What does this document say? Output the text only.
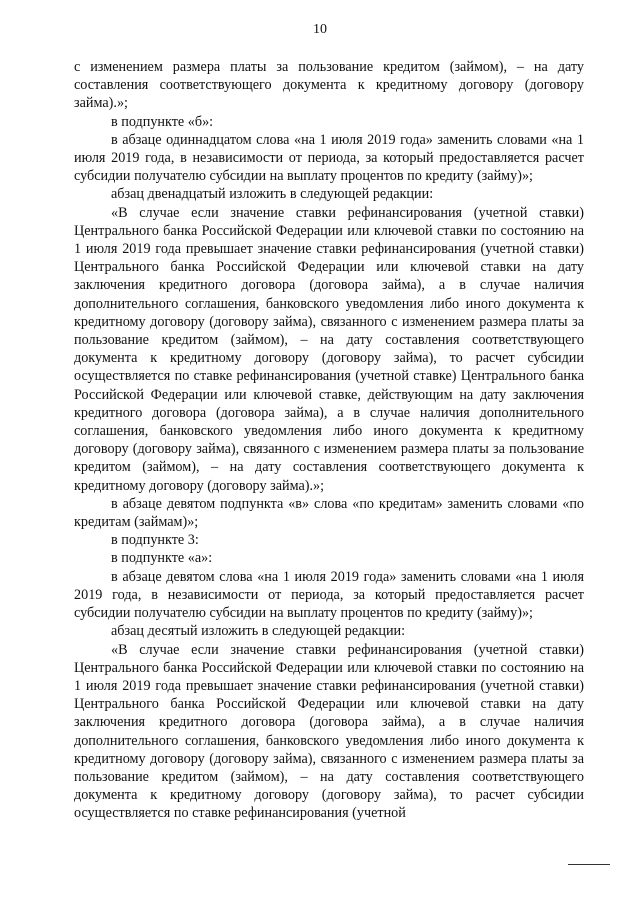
10

с изменением размера платы за пользование кредитом (займом), – на дату составления соответствующего документа к кредитному договору (договору займа).»;

в подпункте «б»:

в абзаце одиннадцатом слова «на 1 июля 2019 года» заменить словами «на 1 июля 2019 года, в независимости от периода, за который предоставляется расчет субсидии получателю субсидии на выплату процентов по кредиту (займу)»;

абзац двенадцатый изложить в следующей редакции:

«В случае если значение ставки рефинансирования (учетной ставки) Центрального банка Российской Федерации или ключевой ставки по состоянию на 1 июля 2019 года превышает значение ставки рефинансирования (учетной ставки) Центрального банка Российской Федерации или ключевой ставки на дату заключения кредитного договора (договора займа), а в случае наличия дополнительного соглашения, банковского уведомления либо иного документа к кредитному договору (договору займа), связанного с изменением размера платы за пользование кредитом (займом), – на дату составления соответствующего документа к кредитному договору (договору займа), то расчет субсидии осуществляется по ставке рефинансирования (учетной ставке) Центрального банка Российской Федерации или ключевой ставке, действующим на дату заключения кредитного договора (договора займа), а в случае наличия дополнительного соглашения, банковского уведомления либо иного документа к кредитному договору (договору займа), связанного с изменением размера платы за пользование кредитом (займом), – на дату составления соответствующего документа к кредитному договору (договору займа).»;

в абзаце девятом подпункта «в» слова «по кредитам» заменить словами «по кредитам (займам)»;

в подпункте 3:

в подпункте «а»:

в абзаце девятом слова «на 1 июля 2019 года» заменить словами «на 1 июля 2019 года, в независимости от периода, за который предоставляется расчет субсидии получателю субсидии на выплату процентов по кредиту (займу)»;

абзац десятый изложить в следующей редакции:

«В случае если значение ставки рефинансирования (учетной ставки) Центрального банка Российской Федерации или ключевой ставки по состоянию на 1 июля 2019 года превышает значение ставки рефинансирования (учетной ставки) Центрального банка Российской Федерации или ключевой ставки на дату заключения кредитного договора (договора займа), а в случае наличия дополнительного соглашения, банковского уведомления либо иного документа к кредитному договору (договору займа), связанного с изменением размера платы за пользование кредитом (займом), – на дату составления соответствующего документа к кредитному договору (договору займа), то расчет субсидии осуществляется по ставке рефинансирования (учетной
